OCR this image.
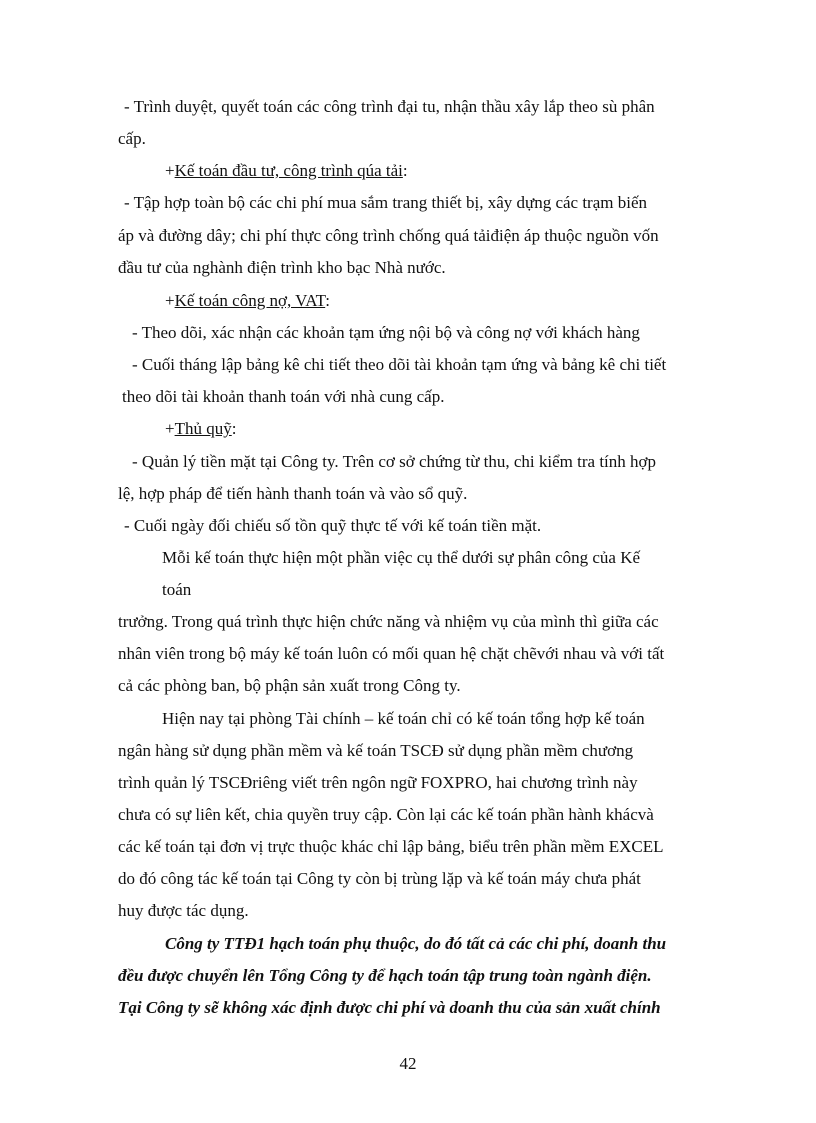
- Trình duyệt, quyết toán các công trình đại tu, nhận thầu xây lắp theo sù phân
cấp.
+Kế toán đầu tư, công trình qúa tải:
- Tập hợp toàn bộ các chi phí mua sắm trang thiết bị, xây dựng các trạm biến
áp và đường dây; chi phí thực công trình chống quá tảiđiện áp thuộc nguồn vốn
đầu tư của nghành điện trình kho bạc Nhà nước.
+Kế toán công nợ, VAT:
- Theo dõi, xác nhận các khoản tạm ứng nội bộ và công nợ với khách hàng
- Cuối tháng lập bảng kê chi tiết theo dõi tài khoản tạm ứng và bảng kê chi tiết
theo dõi tài khoản thanh toán với nhà cung cấp.
+Thủ quỹ:
- Quản lý tiền mặt tại Công ty. Trên cơ sở chứng từ thu, chi kiểm tra tính hợp
lệ, hợp pháp để tiến hành thanh toán và vào sổ quỹ.
- Cuối ngày đối chiếu số tồn quỹ thực tế với kế toán tiền mặt.
Mỗi kế toán thực hiện một phần việc cụ thể dưới sự phân công của Kế
toán
trưởng. Trong quá trình thực hiện chức năng và nhiệm vụ của mình thì giữa các
nhân viên trong bộ máy kế toán luôn có mối quan hệ chặt chẽvới nhau và với tất
cả các phòng ban, bộ phận sản xuất trong Công ty.
Hiện nay tại phòng Tài chính – kế toán chỉ có kế toán tổng hợp kế toán
ngân hàng sử dụng phần mềm và kế toán TSCĐ sử dụng phần mềm chương
trình quản lý TSCĐriêng viết trên ngôn ngữ FOXPRO, hai chương trình này
chưa có sự liên kết, chia quyền truy cập. Còn lại các kế toán phần hành khácvà
các kế toán tại đơn vị trực thuộc khác chỉ lập bảng, biểu trên phần mềm EXCEL
do đó công tác kế toán tại Công ty còn bị trùng lặp và kế toán máy chưa phát
huy được tác dụng.
Công ty TTĐ1 hạch toán phụ thuộc, do đó tất cả các chi phí, doanh thu
đều được chuyển lên Tổng Công ty để hạch toán tập trung toàn ngành điện.
Tại Công ty sẽ không xác định được chi phí và doanh thu của sản xuất chính
42
